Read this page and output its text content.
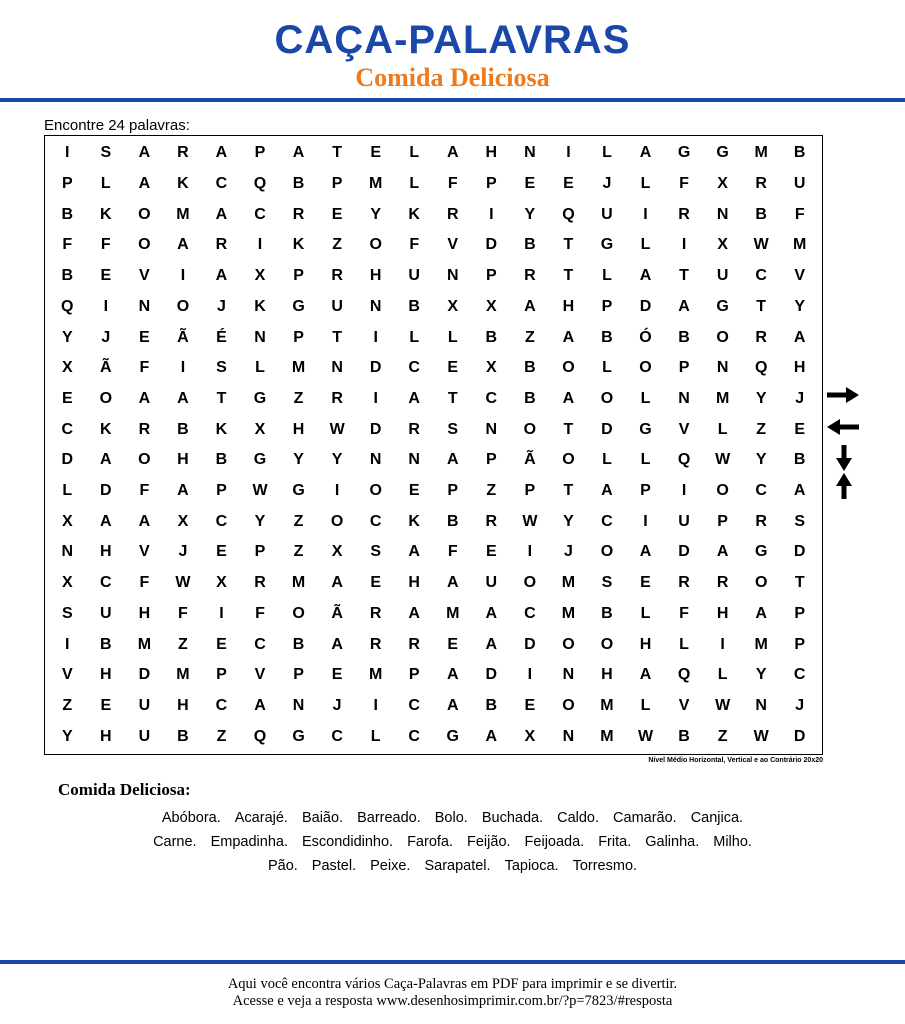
CAÇA-PALAVRAS
Comida Deliciosa
Encontre 24 palavras:
I	S	A	R	A	P	A	T	E	L	A	H	N	I	L	A	G	G	M	B
P	L	A	K	C	Q	B	P	M	L	F	P	E	E	J	L	F	X	R	U
B	K	O	M	A	C	R	E	Y	K	R	I	Y	Q	U	I	R	N	B	F
F	F	O	A	R	I	K	Z	O	F	V	D	B	T	G	L	I	X	W	M
B	E	V	I	A	X	P	R	H	U	N	P	R	T	L	A	T	U	C	V
Q	I	N	O	J	K	G	U	N	B	X	X	A	H	P	D	A	G	T	Y
Y	J	E	Ã	É	N	P	T	I	L	L	B	Z	A	B	Ó	B	O	R	A
X	Ã	F	I	S	L	M	N	D	C	E	X	B	O	L	O	P	N	Q	H
E	O	A	A	T	G	Z	R	I	A	T	C	B	A	O	L	N	M	Y	J
C	K	R	B	K	X	H	W	D	R	S	N	O	T	D	G	V	L	Z	E
D	A	O	H	B	G	Y	Y	N	N	A	P	Ã	O	L	L	Q	W	Y	B
L	D	F	A	P	W	G	I	O	E	P	Z	P	T	A	P	I	O	C	A
X	A	A	X	C	Y	Z	O	C	K	B	R	W	Y	C	I	U	P	R	S
N	H	V	J	E	P	Z	X	S	A	F	E	I	J	O	A	D	A	G	D
X	C	F	W	X	R	M	A	E	H	A	U	O	M	S	E	R	R	O	T
S	U	H	F	I	F	O	Ã	R	A	M	A	C	M	B	L	F	H	A	P
I	B	M	Z	E	C	B	A	R	R	E	A	D	O	O	H	L	I	M	P
V	H	D	M	P	V	P	E	M	P	A	D	I	N	H	A	Q	L	Y	C
Z	E	U	H	C	A	N	J	I	C	A	B	E	O	M	L	V	W	N	J
Y	H	U	B	Z	Q	G	C	L	C	G	A	X	N	M	W	B	Z	W	D
Nível Médio Horizontal, Vertical e ao Contrário 20x20
Comida Deliciosa:
Abóbora. Acarajé. Baião. Barreado. Bolo. Buchada. Caldo. Camarão. Canjica.
Carne. Empadinha. Escondidinho. Farofa. Feijão. Feijoada. Frita. Galinha. Milho.
Pão. Pastel. Peixe. Sarapatel. Tapioca. Torresmo.
Aqui você encontra vários Caça-Palavras em PDF para imprimir e se divertir.
Acesse e veja a resposta www.desenhosimprimir.com.br/?p=7823/#resposta
